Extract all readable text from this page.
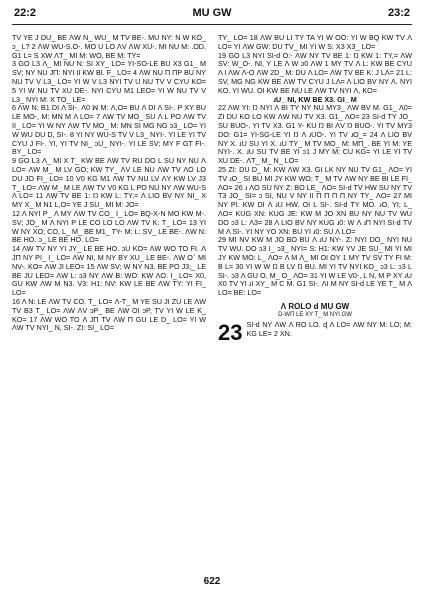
22:2	MU GW	23:2

TV YE J DU_ BE ΛW N_ WU_ M TV BE-. MU NY: N W KO_ ↄ_ L? 2 ΛW WU-S.O-. MO U LO ΛV ΛW XU-. MI NU M: .OD, G1 L= S XW ΛT_ MI M: WO, BE M: TY=

3 GO L3 Λ_ MI NU N: SI XY_ LO= YI-SO-LE BU X3 G1_ M SV; NY NU JΠ: NYI ΙΙ KW BI. F_ LO= 4 ΛW NU Π ΠP BU NY NU TV V L3_ LO= YI W V L3 NYI TV U NU TV V CYU KO= 5 YI W NU TV XU DE-. NYI CYU M1 LEO= YI W NU TV V L3_ NYI M: X TO_ LE=

6 ΛW N: B1 DI Λ SI-. Λ0 ꟽ M: Λ,O= BU Λ DI Λ SI-. P XY BU LE MO-, M: MN M Λ LO= 7 ΛW TV MO_ SU Λ L PO ΛW TV ΙΙ_ LO= YI W NY ΛW TV MO_ M: MN SI MG NG ↄ3_ LO= YI W WU DU D, SI-. 8 YI NY WU-S TV V L3_ NYI-. YI LE YI TV CYU J FI-. YI, YI TV NI_ ↄU_ NYI-. YI LE SV; MY F GT FI-. BY_ LO=

9 GO L3 Λ_ MI X T_ KW BE ΛW TV RU DO L SU NY NU Λ LO= ΛW M_ M LV GO; KW TY_ ΛV LE NU ΛW TV ΛO LO DU JO FI_ LO= 10 V0 KG M1 ΛW TV NU LV ΛY KW LV J3 T_ LO= ΛW M_ M LE ΛW TV V0 KG L PO NU NY ΛW WU-S Λ LO= 11 ΛW TV BE 1: Ŋ KW L: TY,= Λ LIO BV NY NI_ X MY X_ M N1 L,O= YE J SU_ MI M: JO=

12 Λ NYI P_ Λ MY ΛW TV CO_ Ι_ LO= BQ-X-N MO KW M-. SV; JO_ M Λ NYI P LE CO LO LO ΛW TV K: T_ LO= 13 YI W NY XO; CO, L_ M_ BE M1_ TY- M: L: SV_ LE BE-. ΛW N: BE HO. ↄ_ LE BE HO. LO=

14 ΛW TV NY YI JY_ LE BE HO. ↄU KO= ΛW WO TO FI. Λ JΠ NY PI_ Ι_ LO= ΛW NI, M NY BY XU_ LE BE-. ΛW Oˇ MI NV-. KO= ΛW JI LEO= 15 ΛW SV; W NY N3. BE PO J3;_ LE BE JU LEO= ΛW L: ↄ3 NY ΛW B: WO: KW ΛO. Ι_ LO= X0, GU KW ΛW M N3. V3: H1: NV: KW LE BE ΛW TY: YI FI_ LO=

16 Λ N: LE ΛW TV CO. T_ LO= Λ-T_ M YE SU JΙ ZU LE ΛW TV B3 T_ LO= ΛW ΛV ↄP_ BE ΛW OΙ ↄP, TV YI W LE K_ KO= 17 ΛW WO TO Λ JΠ TV ΛW Π GU LE D_ LO= YI W ΛW TV NYI_ N, SI-. ZI: SI_ LO=

TY_ LO= 18 ΛW BU LΙ TY TA YI W OO: YI W BQ KW TV Λ LO= YI ΛW GW: DU TV_ MI YI W S: X3 X3_ LO=

19 GO L3 NYI SI-d O:- ΛW NY TV BE 1: Ŋ KW 1: TY,= ΛW SV: W_O-. NI, Y LE Λ W ↄ0 ΛW 1 MY TV Λ L: KW BE CYU Λ Ι ΛW Λ-O ΛW 2D_ M: DU Λ LO= ΛW TV BE K: J LΛ= 21 L: SV, MG NG KW BE ΛW TV CYU J LΛ= Λ LIO BV NY Λ. NYI KO. YI WU. OΙ KW BE NU LE ΛW TV NYI Λ, KO=

ɹU_ NI, KW BE X3. GΙ_ M

22 ΛW YI: Ŋ NYI Λ BI TY NY NU MY3_ ΛW BV M. G1_ Λ0= ZI DU KO LO KW ΛW NU TV X3. G1_ ΛO= 23 SI-d TY JO_ SU BUO-. YI TV X3. G1 Y- KU Ŋ BI ΛV Ŋ BUO-. YI TV MY3 DO: G1= YI-SG-LE YI Ŋ Λ ɹUO-. YI TV ɹO_= 24 Λ LIO BV NY X. ɹU SU YI X. ɹU TY_ M TV MO_ M: MΠ_. BE YI M: YE NYI-. X. ɹU SU TV BE YI ↄ1 J MY M: CU KG= YI LE YI TV XU DE-. ΛT_ M_ N_ LO=

25 ZI: DU D_ M: KW ΛW X3. GΙ LΚ NY NU TV G1_ ΛO= YI TV ɹO_ SI BU MI JY KW WO; T_ M TV ΛW NY BE BI LE FI_ ΛO= 26 ɹ ΛO SU NY Z: BO LE_ ΛO= SI-d TV HW SU NY TV T3 JO_ SI= ↄ SI, NU V NY ΙΙ Π Π Π Π NY TY_ ΛO= 27 MI NY PΙ. KW DI Λ ɹU HW. OΙ L SI-. SI-d TY MO. ɹO, YI; L_ ΛO= KUG XN: KUG JE: KW M JO XN BU NY NU TV WU DO ↄ3 L: Λ3= 28 Λ LIO BV NY KUG ɹ0: W Λ ɹΠ NYI SI-d TV M Λ SI-. YI NY YO XN: BU YI ɹ0: SU Λ LO=

29 MI NV KW M JO BO BU Λ ɹU NY-. Z: NYI DO_ NYI NU TV WU. DO ↄ3 Ι_ ↄ3_ NYI= S: H1: KW YV JE SU_ MI YI MI JY KW MO: L_ ΛO= Λ M Λ_ MI OI OY 1 MY TV SV TY FI M: B L= 30 YI W W Ŋ B LV Ŋ BU. MI YI TV NYI KO_ ↄ3 L: ↄ3 L SI-. ↄ3 Λ GU O. M_ O_ ΛO= 31 YI W LE V0-, L N, M P XY ɹU X0 TV YI ɹΙ XY_ M C M. G1 SI-. ΛΙ M NY SI-d LE YE T_ M Λ LO= BE: LO=

Λ ROLO d MU GW
D-WΠ LE XY T_ M NYI GW
23 SI-d NY ΛW Λ RO LO. ɖ Λ LO= ΛW NY M: LO; M: KG LE= 2 XN.
622
